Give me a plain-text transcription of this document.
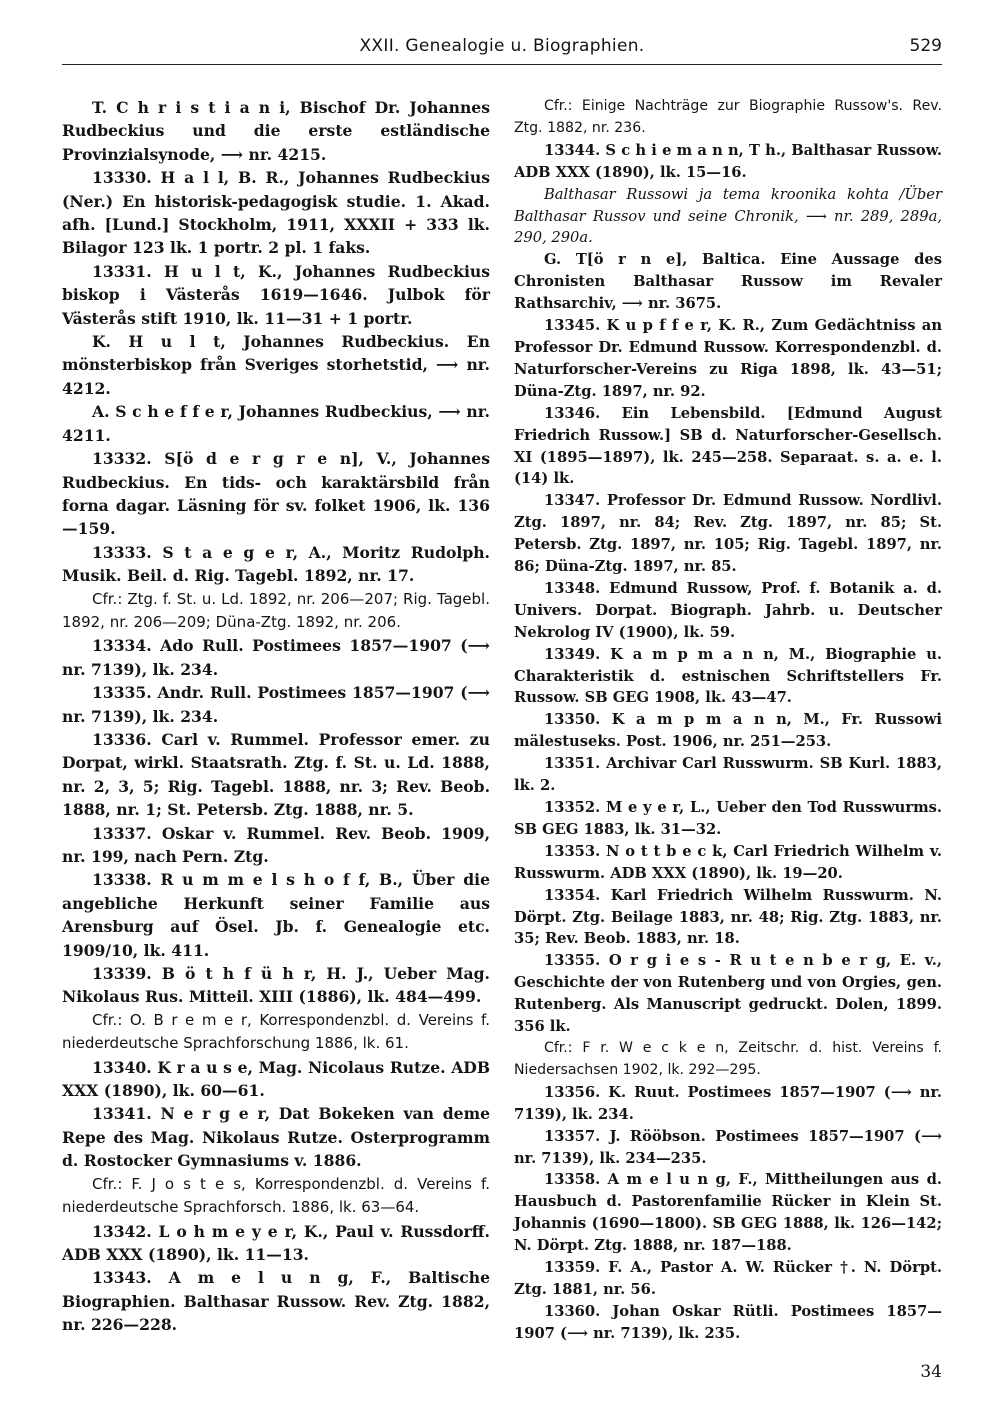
XXII. Genealogie u. Biographien.	529

T. C h r i s t i a n i, Bischof Dr. Johannes Rudbeckius und die erste estländische Provinzialsynode, ⟶ nr. 4215.

13330. H a l l, B. R., Johannes Rudbeckius (Ner.) En historisk-pedagogisk studie. 1. Akad. afh. [Lund.] Stockholm, 1911, XXXII + 333 lk. Bilagor 123 lk. 1 portr. 2 pl. 1 faks.

13331. H u l t, K., Johannes Rudbeckius biskop i Västerås 1619—1646. Julbok för Västerås stift 1910, lk. 11—31 + 1 portr.

K. H u l t, Johannes Rudbeckius. En mönsterbiskop från Sveriges storhetstid, ⟶ nr. 4212.

A. S c h e f f e r, Johannes Rudbeckius, ⟶ nr. 4211.

13332. S[ö d e r g r e n], V., Johannes Rudbeckius. En tids- och karaktärsbild från forna dagar. Läsning för sv. folket 1906, lk. 136—159.

13333. S t a e g e r, A., Moritz Rudolph. Musik. Beil. d. Rig. Tagebl. 1892, nr. 17.

Cfr.: Ztg. f. St. u. Ld. 1892, nr. 206—207; Rig. Tagebl. 1892, nr. 206—209; Düna-Ztg. 1892, nr. 206.

13334. Ado Rull. Postimees 1857—1907 (⟶ nr. 7139), lk. 234.

13335. Andr. Rull. Postimees 1857—1907 (⟶ nr. 7139), lk. 234.

13336. Carl v. Rummel. Professor emer. zu Dorpat, wirkl. Staatsrath. Ztg. f. St. u. Ld. 1888, nr. 2, 3, 5; Rig. Tagebl. 1888, nr. 3; Rev. Beob. 1888, nr. 1; St. Petersb. Ztg. 1888, nr. 5.

13337. Oskar v. Rummel. Rev. Beob. 1909, nr. 199, nach Pern. Ztg.

13338. R u m m e l s h o f f, B., Über die angebliche Herkunft seiner Familie aus Arensburg auf Ösel. Jb. f. Genealogie etc. 1909/10, lk. 411.

13339. B ö t h f ü h r, H. J., Ueber Mag. Nikolaus Rus. Mitteil. XIII (1886), lk. 484—499.

Cfr.: O. B r e m e r, Korrespondenzbl. d. Vereins f. niederdeutsche Sprachforschung 1886, lk. 61.

13340. K r a u s e, Mag. Nicolaus Rutze. ADB XXX (1890), lk. 60—61.

13341. N e r g e r, Dat Bokeken van deme Repe des Mag. Nikolaus Rutze. Osterprogramm d. Rostocker Gymnasiums v. 1886.

Cfr.: F. J o s t e s, Korrespondenzbl. d. Vereins f. niederdeutsche Sprachforsch. 1886, lk. 63—64.

13342. L o h m e y e r, K., Paul v. Russdorff. ADB XXX (1890), lk. 11—13.

13343. A m e l u n g, F., Baltische Biographien. Balthasar Russow. Rev. Ztg. 1882, nr. 226—228.

Cfr.: Einige Nachträge zur Biographie Russow's. Rev. Ztg. 1882, nr. 236.

13344. S c h i e m a n n, T h., Balthasar Russow. ADB XXX (1890), lk. 15—16.

Balthasar Russowi ja tema kroonika kohta /Über Balthasar Russov und seine Chronik, ⟶ nr. 289, 289a, 290, 290a.

G. T[ö r n e], Baltica. Eine Aussage des Chronisten Balthasar Russow im Revaler Rathsarchiv, ⟶ nr. 3675.

13345. K u p f f e r, K. R., Zum Gedächtniss an Professor Dr. Edmund Russow. Korrespondenzbl. d. Naturforscher-Vereins zu Riga 1898, lk. 43—51; Düna-Ztg. 1897, nr. 92.

13346. Ein Lebensbild. [Edmund August Friedrich Russow.] SB d. Naturforscher-Gesellsch. XI (1895—1897), lk. 245—258. Separaat. s. a. e. l. (14) lk.

13347. Professor Dr. Edmund Russow. Nordlivl. Ztg. 1897, nr. 84; Rev. Ztg. 1897, nr. 85; St. Petersb. Ztg. 1897, nr. 105; Rig. Tagebl. 1897, nr. 86; Düna-Ztg. 1897, nr. 85.

13348. Edmund Russow, Prof. f. Botanik a. d. Univers. Dorpat. Biograph. Jahrb. u. Deutscher Nekrolog IV (1900), lk. 59.

13349. K a m p m a n n, M., Biographie u. Charakteristik d. estnischen Schriftstellers Fr. Russow. SB GEG 1908, lk. 43—47.

13350. K a m p m a n n, M., Fr. Russowi mälestuseks. Post. 1906, nr. 251—253.

13351. Archivar Carl Russwurm. SB Kurl. 1883, lk. 2.

13352. M e y e r, L., Ueber den Tod Russwurms. SB GEG 1883, lk. 31—32.

13353. N o t t b e c k, Carl Friedrich Wilhelm v. Russwurm. ADB XXX (1890), lk. 19—20.

13354. Karl Friedrich Wilhelm Russwurm. N. Dörpt. Ztg. Beilage 1883, nr. 48; Rig. Ztg. 1883, nr. 35; Rev. Beob. 1883, nr. 18.

13355. O r g i e s - R u t e n b e r g, E. v., Geschichte der von Rutenberg und von Orgies, gen. Rutenberg. Als Manuscript gedruckt. Dolen, 1899. 356 lk.

Cfr.: F r. W e c k e n, Zeitschr. d. hist. Vereins f. Niedersachsen 1902, lk. 292—295.

13356. K. Ruut. Postimees 1857—1907 (⟶ nr. 7139), lk. 234.

13357. J. Rööbson. Postimees 1857—1907 (⟶ nr. 7139), lk. 234—235.

13358. A m e l u n g, F., Mittheilungen aus d. Hausbuch d. Pastorenfamilie Rücker in Klein St. Johannis (1690—1800). SB GEG 1888, lk. 126—142; N. Dörpt. Ztg. 1888, nr. 187—188.

13359. F. A., Pastor A. W. Rücker †. N. Dörpt. Ztg. 1881, nr. 56.

13360. Johan Oskar Rütli. Postimees 1857—1907 (⟶ nr. 7139), lk. 235.

34
